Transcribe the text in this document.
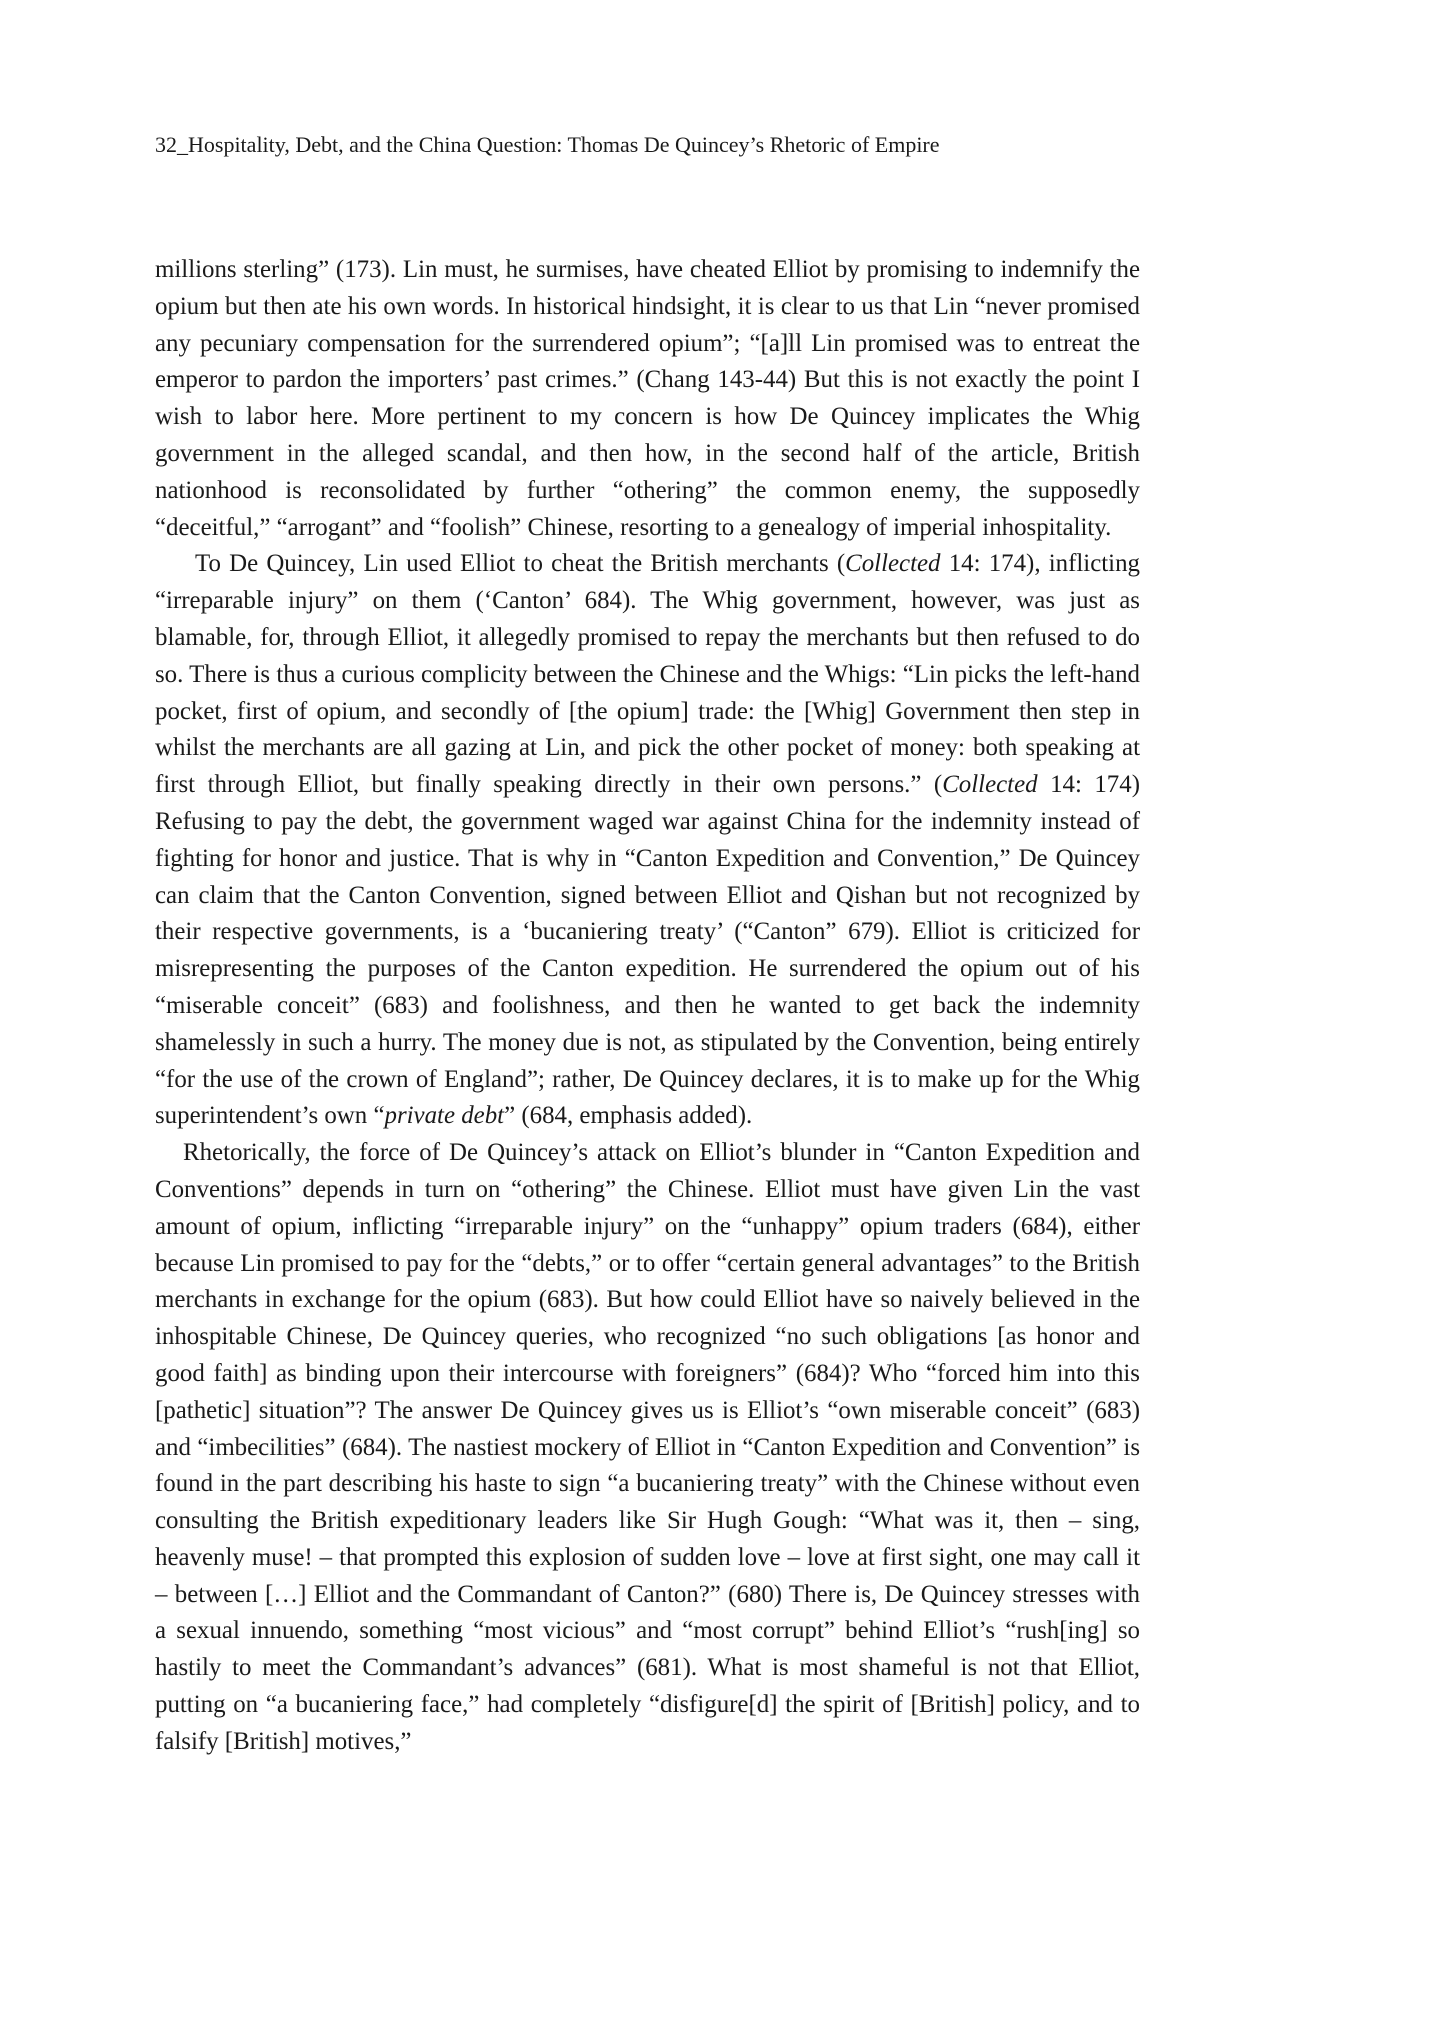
32_Hospitality, Debt, and the China Question: Thomas De Quincey’s Rhetoric of Empire

millions sterling” (173). Lin must, he surmises, have cheated Elliot by promising to indemnify the opium but then ate his own words. In historical hindsight, it is clear to us that Lin “never promised any pecuniary compensation for the surrendered opium”; “[a]ll Lin promised was to entreat the emperor to pardon the importers’ past crimes.” (Chang 143-44) But this is not exactly the point I wish to labor here. More pertinent to my concern is how De Quincey implicates the Whig government in the alleged scandal, and then how, in the second half of the article, British nationhood is reconsolidated by further “othering” the common enemy, the supposedly “deceitful,” “arrogant” and “foolish” Chinese, resorting to a genealogy of imperial inhospitality.

To De Quincey, Lin used Elliot to cheat the British merchants (Collected 14: 174), inflicting “irreparable injury” on them (‘Canton’ 684). The Whig government, however, was just as blamable, for, through Elliot, it allegedly promised to repay the merchants but then refused to do so. There is thus a curious complicity between the Chinese and the Whigs: “Lin picks the left-hand pocket, first of opium, and secondly of [the opium] trade: the [Whig] Government then step in whilst the merchants are all gazing at Lin, and pick the other pocket of money: both speaking at first through Elliot, but finally speaking directly in their own persons.” (Collected 14: 174) Refusing to pay the debt, the government waged war against China for the indemnity instead of fighting for honor and justice. That is why in “Canton Expedition and Convention,” De Quincey can claim that the Canton Convention, signed between Elliot and Qishan but not recognized by their respective governments, is a ‘bucaniering treaty’ (“Canton” 679). Elliot is criticized for misrepresenting the purposes of the Canton expedition. He surrendered the opium out of his “miserable conceit” (683) and foolishness, and then he wanted to get back the indemnity shamelessly in such a hurry. The money due is not, as stipulated by the Convention, being entirely “for the use of the crown of England”; rather, De Quincey declares, it is to make up for the Whig superintendent’s own “private debt” (684, emphasis added).

Rhetorically, the force of De Quincey’s attack on Elliot’s blunder in “Canton Expedition and Conventions” depends in turn on “othering” the Chinese. Elliot must have given Lin the vast amount of opium, inflicting “irreparable injury” on the “unhappy” opium traders (684), either because Lin promised to pay for the “debts,” or to offer “certain general advantages” to the British merchants in exchange for the opium (683). But how could Elliot have so naively believed in the inhospitable Chinese, De Quincey queries, who recognized “no such obligations [as honor and good faith] as binding upon their intercourse with foreigners” (684)? Who “forced him into this [pathetic] situation”? The answer De Quincey gives us is Elliot’s “own miserable conceit” (683) and “imbecilities” (684). The nastiest mockery of Elliot in “Canton Expedition and Convention” is found in the part describing his haste to sign “a bucaniering treaty” with the Chinese without even consulting the British expeditionary leaders like Sir Hugh Gough: “What was it, then – sing, heavenly muse! – that prompted this explosion of sudden love – love at first sight, one may call it – between […] Elliot and the Commandant of Canton?” (680) There is, De Quincey stresses with a sexual innuendo, something “most vicious” and “most corrupt” behind Elliot’s “rush[ing] so hastily to meet the Commandant’s advances” (681). What is most shameful is not that Elliot, putting on “a bucaniering face,” had completely “disfigure[d] the spirit of [British] policy, and to falsify [British] motives,”
